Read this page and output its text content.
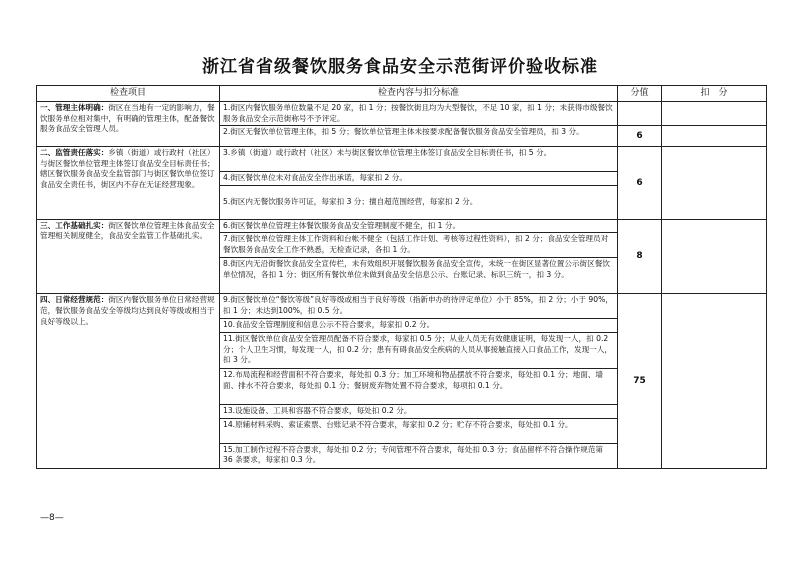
浙江省省级餐饮服务食品安全示范街评价验收标准
检查项目	检查内容与扣分标准	分值	扣　分
一、管理主体明确：街区在当地有一定的影响力，餐饮服务单位相对集中，有明确的管理主体，配备餐饮服务食品安全管理人员。	1.街区内餐饮服务单位数量不足 20 家，扣 1 分；按餐饮街且均为大型餐饮，不足 10 家，扣 1 分；未获得市级餐饮服务食品安全示范街称号不予评定。		
	2.街区无餐饮单位管理主体，扣 5 分；餐饮单位管理主体未按要求配备餐饮服务食品安全管理员，扣 3 分。	6	
二、监管责任落实：乡镇（街道）或行政村（社区）与街区餐饮单位管理主体签订食品安全目标责任书；辖区餐饮服务食品安全监管部门与街区餐饮单位签订食品安全责任书，街区内不存在无证经营现象。	3.乡镇（街道）或行政村（社区）未与街区餐饮单位管理主体签订食品安全目标责任书，扣 5 分。	6	
	4.街区餐饮单位未对食品安全作出承诺，每家扣 2 分。		
	5.街区内无餐饮服务许可证，每家扣 3 分；擅自超范围经营，每家扣 2 分。		
三、工作基础扎实：街区餐饮单位管理主体食品安全管理相关制度健全，食品安全监管工作基础扎实。	6.街区餐饮单位管理主体餐饮服务食品安全管理制度不健全，扣 1 分。	8	
	7.街区餐饮单位管理主体工作资料和台帐不健全（包括工作计划、考核等过程性资料），扣 2 分；食品安全管理员对餐饮服务食品安全工作不熟悉，无检查记录，各扣 1 分。		
	8.街区内无沿街餐饮食品安全宣传栏，未有效组织开展餐饮服务食品安全宣传，未统一在街区显著位置公示街区餐饮单位情况，各扣 1 分；街区所有餐饮单位未做到食品安全信息公示、台账记录、标识三统一，扣 3 分。		
四、日常经营规范：街区内餐饮服务单位日常经营规范，餐饮服务食品安全等级均达到良好等级或相当于良好等级以上。	9.街区餐饮单位“餐饮等级”良好等级或相当于良好等级（指新申办的待评定单位）小于 85%，扣 2 分；小于 90%，扣 1 分；未达到100%，扣 0.5 分。	75	
	10.食品安全管理制度和信息公示不符合要求，每家扣 0.2 分。		
	11.街区餐饮单位食品安全管理员配备不符合要求，每家扣 0.5 分；从业人员无有效健康证明，每发现一人，扣 0.2 分；个人卫生习惯，每发现一人，扣 0.2 分；患有有碍食品安全疾病的人员从事接触直接入口食品工作，发现一人，扣 3 分。		
	12.布局流程和经营面积不符合要求，每处扣 0.3 分；加工环境和物品摆放不符合要求，每处扣 0.1 分；地面、墙面、排水不符合要求，每处扣 0.1 分；餐厨废弃物处置不符合要求，每项扣 0.1 分。		
	13.设施设备、工具和容器不符合要求，每处扣 0.2 分。		
	14.原辅材料采购、索证索票、台账记录不符合要求，每家扣 0.2 分；贮存不符合要求，每处扣 0.1 分。		
	15.加工制作过程不符合要求，每处扣 0.2 分；专间管理不符合要求，每处扣 0.3 分；食品留样不符合操作规范第 36 条要求，每家扣 0.3 分。		
—8—
